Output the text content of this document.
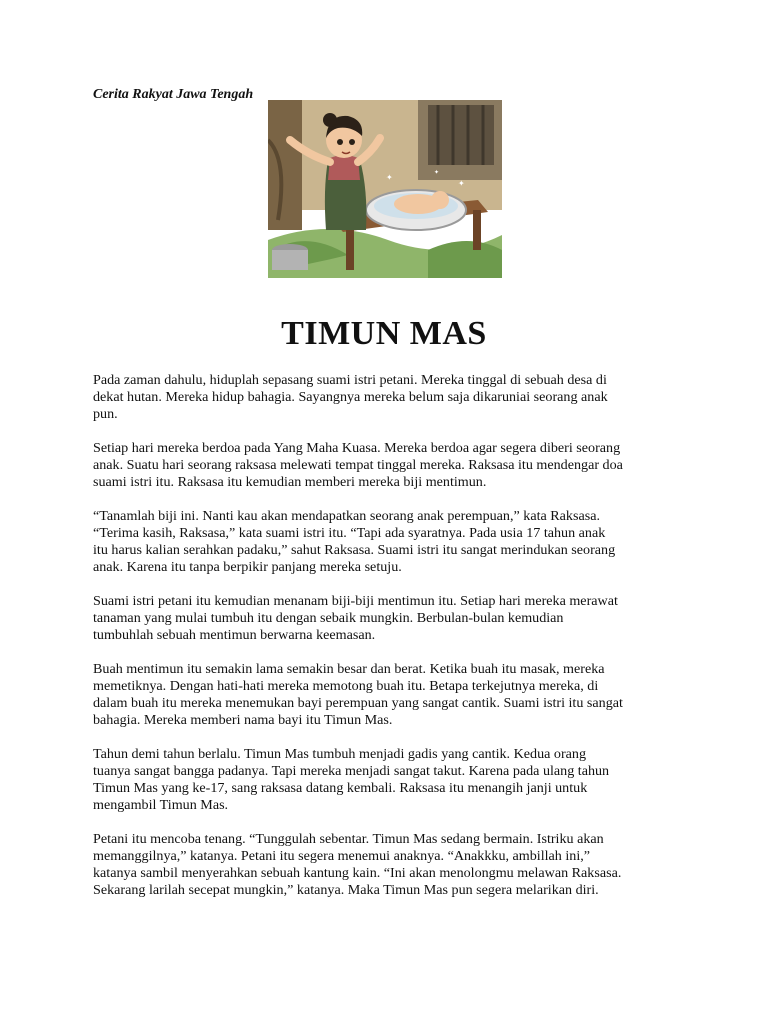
Cerita Rakyat Jawa Tengah
✦
✦
✦
TIMUN MAS

Pada zaman dahulu, hiduplah sepasang suami istri petani. Mereka tinggal di sebuah desa di
dekat hutan. Mereka hidup bahagia. Sayangnya mereka belum saja dikaruniai seorang anak
pun.

Setiap hari mereka berdoa pada Yang Maha Kuasa. Mereka berdoa agar segera diberi seorang
anak. Suatu hari seorang raksasa melewati tempat tinggal mereka. Raksasa itu mendengar doa
suami istri itu. Raksasa itu kemudian memberi mereka biji mentimun.

“Tanamlah biji ini. Nanti kau akan mendapatkan seorang anak perempuan,” kata Raksasa.
“Terima kasih, Raksasa,” kata suami istri itu. “Tapi ada syaratnya. Pada usia 17 tahun anak
itu harus kalian serahkan padaku,” sahut Raksasa. Suami istri itu sangat merindukan seorang
anak. Karena itu tanpa berpikir panjang mereka setuju.

Suami istri petani itu kemudian menanam biji-biji mentimun itu. Setiap hari mereka merawat
tanaman yang mulai tumbuh itu dengan sebaik mungkin. Berbulan-bulan kemudian
tumbuhlah sebuah mentimun berwarna keemasan.

Buah mentimun itu semakin lama semakin besar dan berat. Ketika buah itu masak, mereka
memetiknya. Dengan hati-hati mereka memotong buah itu. Betapa terkejutnya mereka, di
dalam buah itu mereka menemukan bayi perempuan yang sangat cantik. Suami istri itu sangat
bahagia. Mereka memberi nama bayi itu Timun Mas.

Tahun demi tahun berlalu. Timun Mas tumbuh menjadi gadis yang cantik. Kedua orang
tuanya sangat bangga padanya. Tapi mereka menjadi sangat takut. Karena pada ulang tahun
Timun Mas yang ke-17, sang raksasa datang kembali. Raksasa itu menangih janji untuk
mengambil Timun Mas.

Petani itu mencoba tenang. “Tunggulah sebentar. Timun Mas sedang bermain. Istriku akan
memanggilnya,” katanya. Petani itu segera menemui anaknya. “Anakkku, ambillah ini,”
katanya sambil menyerahkan sebuah kantung kain. “Ini akan menolongmu melawan Raksasa.
Sekarang larilah secepat mungkin,” katanya. Maka Timun Mas pun segera melarikan diri.
